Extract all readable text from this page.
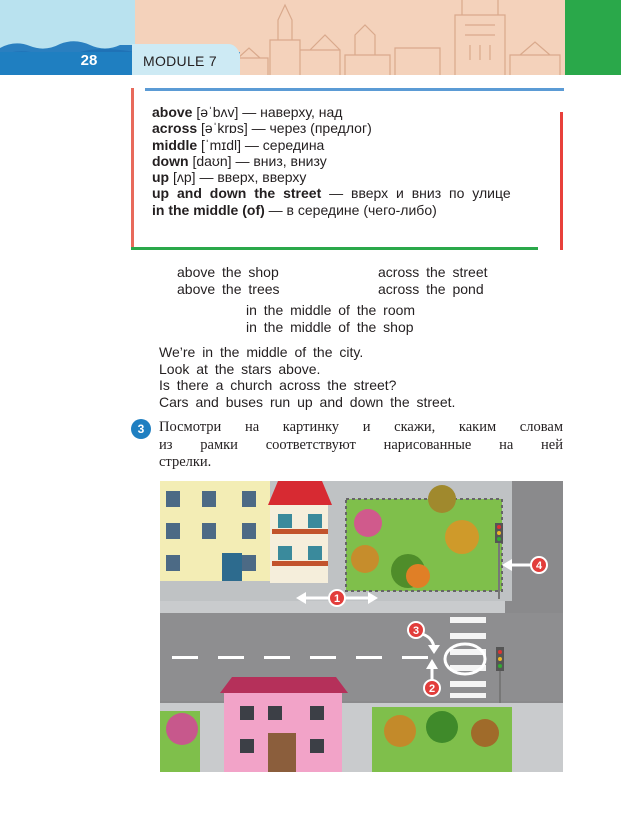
28	MODULE 7
above [əˈbʌv] — наверху, над
across [əˈkrɒs] — через (предлог)
middle [ˈmɪdl] — середина
down [daʊn] — вниз, внизу
up [ʌp] — вверх, вверху
up and down the street — вверх и вниз по улице
in the middle (of) — в середине (чего-либо)
above the shop
above the trees
across the street
across the pond
in the middle of the room
in the middle of the shop
We’re in the middle of the city.
Look at the stars above.
Is there a church across the street?
Cars and buses run up and down the street.
3	Посмотри на картинку и скажи, каким словам
из рамки соответствуют нарисованные на ней
стрелки.
1
2
3
4
